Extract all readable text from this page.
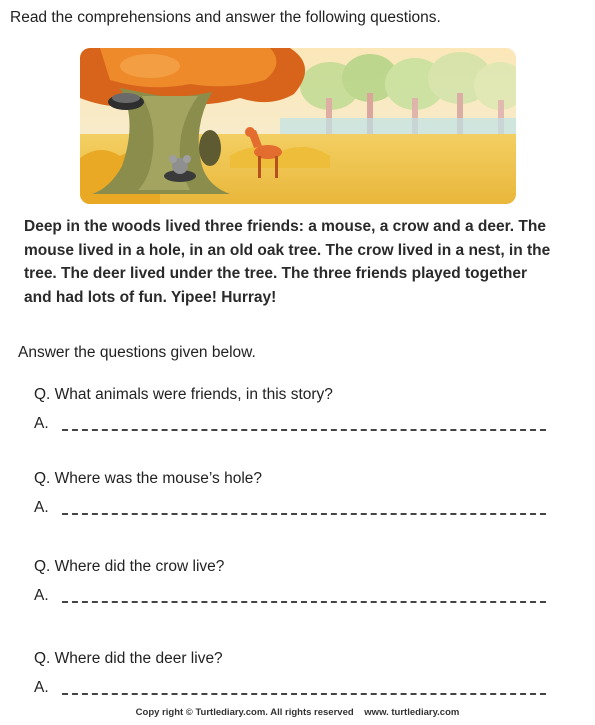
Read the comprehensions and answer the following questions.

Deep in the woods lived three friends: a mouse, a crow and a deer. The

mouse lived in a hole, in an old oak tree. The crow lived in a nest, in the

tree. The deer lived under the tree. The three friends played together

and had lots of fun. Yipee! Hurray!

Answer the questions given below.
Q. What animals were friends, in this story?
A.
Q. Where was the mouse’s hole?
A.
Q. Where did the crow live?
A.
Q. Where did the deer live?
A.
Copy right © Turtlediary.com. All rights reserved www. turtlediary.com
